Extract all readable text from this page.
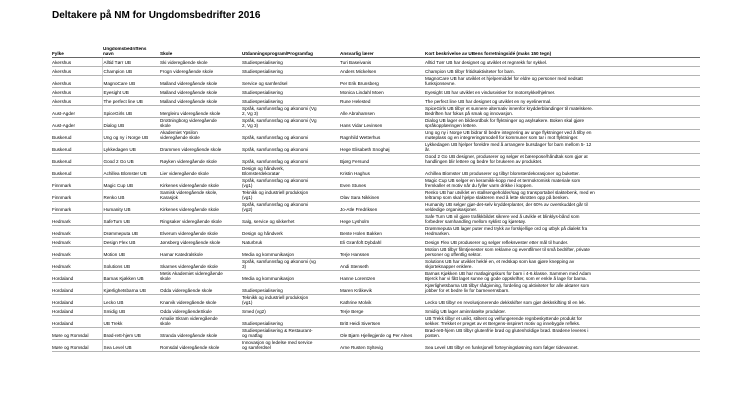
Deltakere på NM for Ungdomsbedrifter 2016
Fylke	Ungdomsbedriftens navn	Skole	Utdanningsprogram/Programfag	Ansvarlig lærer	Kort beskrivelse av UBens forretningsidé (maks 150 tegn)
Akershus	Alltid Tørr UB	Ski videregående skole	Studiespesialisering	Turi Baseivanis	Alltid Tørr UB har designet og utviklet et regnrekk for sykkel.
Akershus	Champion UB	Frogn videregående skole	Studiespesialisering	Anders Mickelsen	Champion UB tilbyr fritidsaktiviteter for barn.
Akershus	MagnoCare UB	Malland videregående skole	Service og samferdsel	Per Erik Brunsberg	MagnoCare UB har utviklet et hjelpemiddel for eldre og personer med nedsatt
funksjonsevne.
Akershus	Eyesight UB	Malland videregående skole	Studiespesialisering	Monica Lindahl Moen	Eyesight UB har utviklet en vindusvisker for motorsykkelhjelmer.
Akershus	The perfect line UB	Malland videregående skole	Studiespesialisering	Rune Helested	The perfect line UB har designet og utviklet en ny eyelinermal.
Aust-Agder	SpiceGirls UB	Mergleiru videregående skole	Språk, samfunnsfag og økonomi (Vg
2, Vg 3)	Alle Abrahamsen	SpiceGirls UB tilbyr et sunnere alternativ innenfor krydderblandinger til matelskere.
Bedriften har fokus på smak og innovasjon.
Aust-Agder	Dialog UB	Drottningborg videregående
skole	Språk, samfunnsfag og økonomi (Vg
2, Vg 3)	Hans Vidar Levinsen	Dialog UB lager en bildeordbok for flyktninger og asylsøkere. Boken skal gjøre
språkopplæringen lettere.
Buskerud	Ung og ny i Norge UB	Akademiet Ypsilon
videregående skole	Språk, samfunnsfag og økonomi	Ragnhild Wetterhus	Ung og ny i Norge UB bidrar til bedre integrering av unge flyktninger ved å tilby en
møteplass og en integreringsmodell for kommuner som tar i mot flyktninger.
Buskerud	Lykkedagen UB	Drammen videregående skole	Språk, samfunnsfag og økonomi	Hege Elisabeth Snoghøj	Lykkedagen UB hjelper foreldre med å arrangere bursdager for barn mellom 5- 12
år.
Buskerud	Good 2 Go UB	Røyken videregående skole	Språk, samfunnsfag og økonomi	Bjørg Fersund	Good 2 Go UB designer, produserer og selger et bærepose/håndtak som gjør at
handlingen blir lettere og bedre for brukeren av produktet.
Buskerud	Achillea Blomster UB	Lier videregående skole	Design og håndverk,
Blomsterdekoratør	Kristin Haghus	Achillea Blomster UB produserer og tilbyr blomsterdekorasjoner og buketter.
Finnmark	Magic Cup UB	Kirkenes videregående skole	Språk, samfunnsfag og økonomi
(vg1)	Even Stunes	Magic Cup UB selger en keramikk-kopp med et termokromisk materiale som
fremkaller et motiv når du fyller varm drikke i koppen.
Finnmark	Renko UB	Samisk videregående skole,
Karasjok	Teknikk og industriell produksjon
(vg1)	Olav Sara Nikkinen	Renko UB har utviklet en stallsengeholder/sag og transportabel slaktebenk, med en
teltramp som skal hjelpe slakteren med å lette skrotten opp på benken.
Finnmark	Humanity UB	Kirkenes videregående skole	Språk, samfunnsfag og økonomi
(vg2)	Jo-Atle Fredriksen	Humanity UB selger gjør-det-selv krydderplanter, der 60% av overskuddet går til
veldedige organisasjoner.
Hedmark	SafeTurn UB	Ringsaker videregående skole	Salg, service og sikkerhet	Hege Lysholm	Safe Turn UB vil gjøre trafikkbildet sikrere ved å utvikle et blinklys-bånd som
forbedrer samhandling mellom syklist og kjøretøy.
Hedmark	Drømmeputa UB	Elverum videregående skole	Design og håndverk	Bente Holen Bakken	Drømmeputa UB lager puter med trykk av forskjellige ord og utbyk på dialekt fra
Hedmarken.
Hedmark	Design Flex UB	Jønsberg videregående skole	Naturbruk	Eli Grønfoft Dybdahl	Design Flex UB produserer og selger refleksvester etter mål til hunder.
Hedmark	Motion UB	Hamar Katedralskole	Media og kommunikasjon	Terje Hanssen	Motion UB tilbyr filmtjenester som reklame og eventfilmer til små bedrifter, private
personer og offentlig sektor.
Hedmark	Solutions UB	Skarnes videregående skole	Språk, samfunnsfag og økonomi (vg
3)	Andi Stenseth	Solutions UB har utviklet heklé en, et redskap som kan gjøre knepping av
skjorteknapper enklere.
Hordaland	Barnas Kjøkken UB	Metis Akademiet videregående
skole	Media og kommunikasjon	Hanne Lorentzen	Barnas Kjøkken UB har matlagingskurs for barn i 4-6.klasse. Sammen med Adam
Bjerck har vi fått laget sunne og gode oppskrifter, som er enkle å lage for barna.
Hordaland	Kjærlighetsbarna UB	Odda videregående skole	Studiespesialisering	Maren Kråkevik	Kjærlighetsbarna UB tilbyr rådgivning, fordeling og aktiviteter for alle aktører som
jobber for et bedre liv for barnevernsbarn.
Hordaland	Lecko UB	Knarvik videregående skole	Teknikk og industriell produksjon
(vg1)	Kathrine Molvik	Lecko UB tilbyr en revolusjonerende dekkskifter som gjør dekkskifting til en lek.
Hordaland	Smidig UB	Odda videregåendeSkule	Smed (vg2)	Terje Berge	Smidig UB lager aminnlatelte produkter.
Hordaland	UB Trekk	Amalie Skram videregående
skole	Studiespesialisering	Britt Heidi Sivertsen	UB Trekk tilbyr et unikt, stiltent og velfungerende regnbeskyttende produkt for
sekker. Trekket er preget av et Bergens-inspirert motiv og innebygde refleks.
Møre og Romsdal	Brød-rett-hjem UB	Stranda videregående skole	Studiespesialisering & Restaurant-
og matfag	Ole Bjørn Hjellegjerde og Per Alnes	Brød-rett-hjem UB tilbyr glutenfrie brød og glutenholdige brød. Brødene leveres i
posten.
Møre og Romsdal	Sea Level UB	Romsdal videregående skole	Innovasjon og ledelse med service
og samferdsel	Arne Rusten Syltevig	Sea Level UB tilbyr en funksjonell forteyningsløsning som følger tidevannet.
